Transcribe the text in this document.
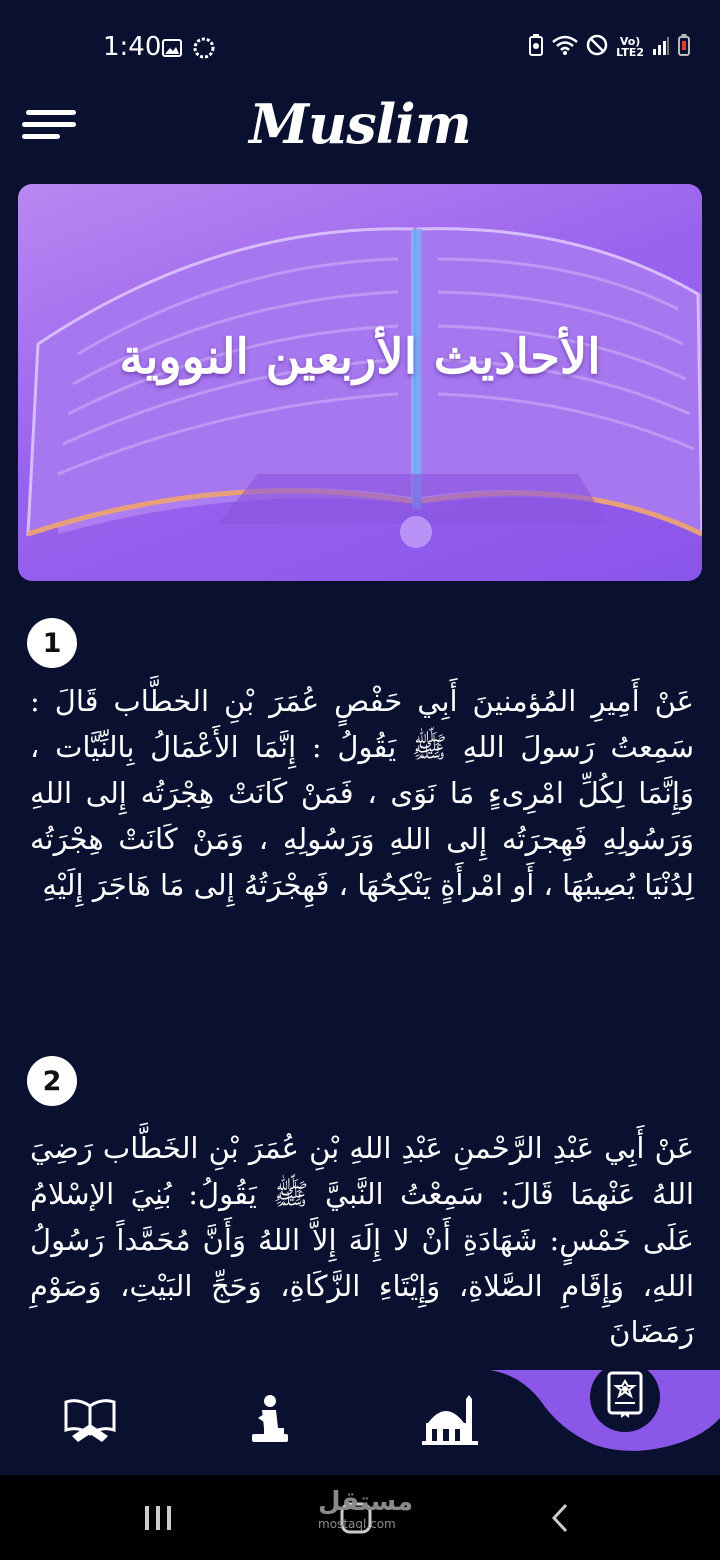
1:40	Vo)
LTE2
Muslim
الأحاديث الأربعين النووية
1
عَنْ أَمِيرِ المُؤمنينَ أَبِي حَفْصٍ عُمَرَ بْنِ الخطَّاب قَالَ : سَمِعتُ رَسولَ اللهِ ﷺ يَقُولُ : إِنَّمَا الأَعْمَالُ بِالنِّيَّات ، وَإِنَّمَا لِكُلِّ امْرِىءٍ مَا نَوَى ، فَمَنْ كَانَتْ هِجْرَتُه إِلى اللهِ وَرَسُولِهِ فَهِجرَتُه إِلى اللهِ وَرَسُولِهِ ، وَمَنْ كَانَتْ هِجْرَتُه لِدُنْيَا يُصِيبُهَا ، أَو امْرأَةٍ يَنْكِحُهَا ، فَهِجْرَتُهُ إِلى مَا هَاجَرَ إِلَيْهِ
2
عَنْ أَبِي عَبْدِ الرَّحْمنِ عَبْدِ اللهِ بْنِ عُمَرَ بْنِ الخَطَّاب رَضِيَ اللهُ عَنْهمَا قَالَ: سَمِعْتُ النَّبيَّ ﷺ يَقُولُ: بُنِيَ الإسْلامُ عَلَى خَمْسٍ: شَهَادَةِ أَنْ لا إِلَهَ إِلاَّ اللهُ وَأَنَّ مُحَمَّداً رَسُولُ اللهِ، وَإِقَامِ الصَّلاةِ، وَإِيْتَاءِ الزَّكَاةِ، وَحَجِّ البَيْتِ، وَصَوْمِ رَمَضَانَ
مستقل
mostaql.com
